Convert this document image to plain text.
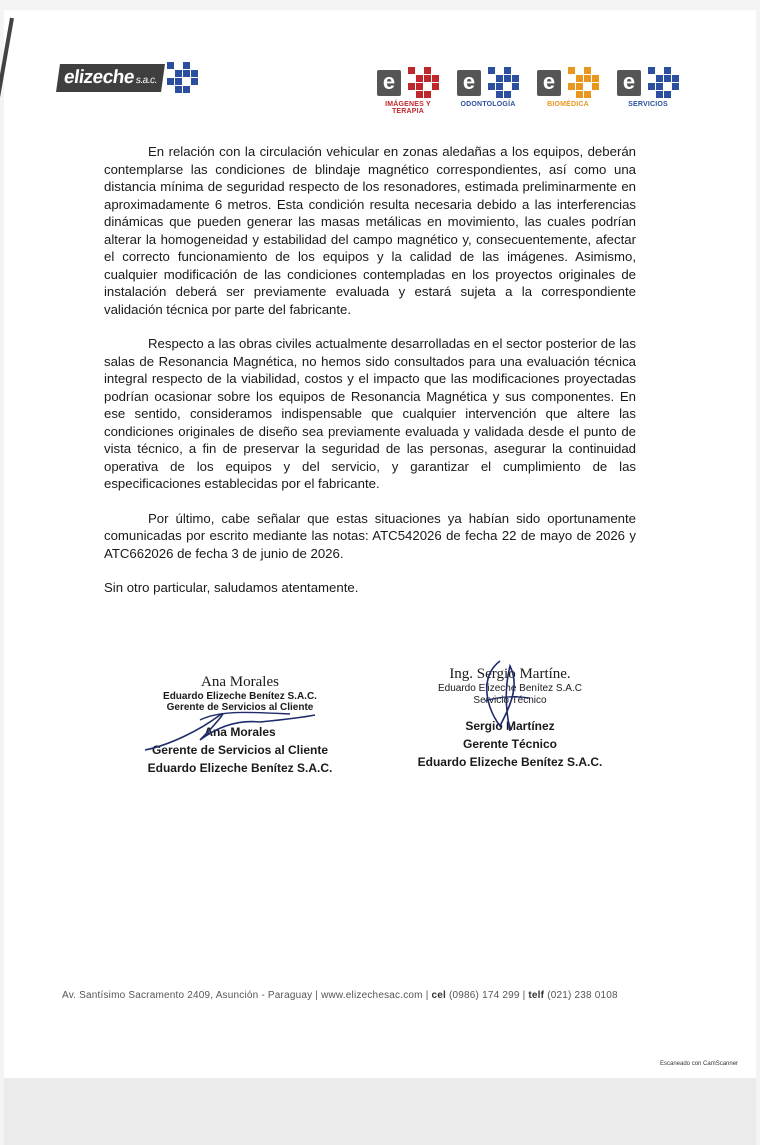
elizeche s.a.c.	e
IMÁGENES Y TERAPIA
e
ODONTOLOGÍA
e
BIOMÉDICA
e
SERVICIOS

En relación con la circulación vehicular en zonas aledañas a los equipos, deberán contemplarse las condiciones de blindaje magnético correspondientes, así como una distancia mínima de seguridad respecto de los resonadores, estimada preliminarmente en aproximadamente 6 metros. Esta condición resulta necesaria debido a las interferencias dinámicas que pueden generar las masas metálicas en movimiento, las cuales podrían alterar la homogeneidad y estabilidad del campo magnético y, consecuentemente, afectar el correcto funcionamiento de los equipos y la calidad de las imágenes. Asimismo, cualquier modificación de las condiciones contempladas en los proyectos originales de instalación deberá ser previamente evaluada y estará sujeta a la correspondiente validación técnica por parte del fabricante.

Respecto a las obras civiles actualmente desarrolladas en el sector posterior de las salas de Resonancia Magnética, no hemos sido consultados para una evaluación técnica integral respecto de la viabilidad, costos y el impacto que las modificaciones proyectadas podrían ocasionar sobre los equipos de Resonancia Magnética y sus componentes. En ese sentido, consideramos indispensable que cualquier intervención que altere las condiciones originales de diseño sea previamente evaluada y validada desde el punto de vista técnico, a fin de preservar la seguridad de las personas, asegurar la continuidad operativa de los equipos y del servicio, y garantizar el cumplimiento de las especificaciones establecidas por el fabricante.

Por último, cabe señalar que estas situaciones ya habían sido oportunamente comunicadas por escrito mediante las notas: ATC542026 de fecha 22 de mayo de 2026 y ATC662026 de fecha 3 de junio de 2026.

Sin otro particular, saludamos atentamente.

Ana Morales
Eduardo Elizeche Benítez S.A.C.
Gerente de Servicios al Cliente
Ana Morales
Gerente de Servicios al Cliente
Eduardo Elizeche Benítez S.A.C.
Ing. Sergio Martíne.
Eduardo Elizeche Benítez S.A.C
Servicio Técnico
Sergio Martínez
Gerente Técnico
Eduardo Elizeche Benítez S.A.C.
Av. Santísimo Sacramento 2409, Asunción - Paraguay | www.elizechesac.com | cel (0986) 174 299 | telf (021) 238 0108
Escaneado con CamScanner
